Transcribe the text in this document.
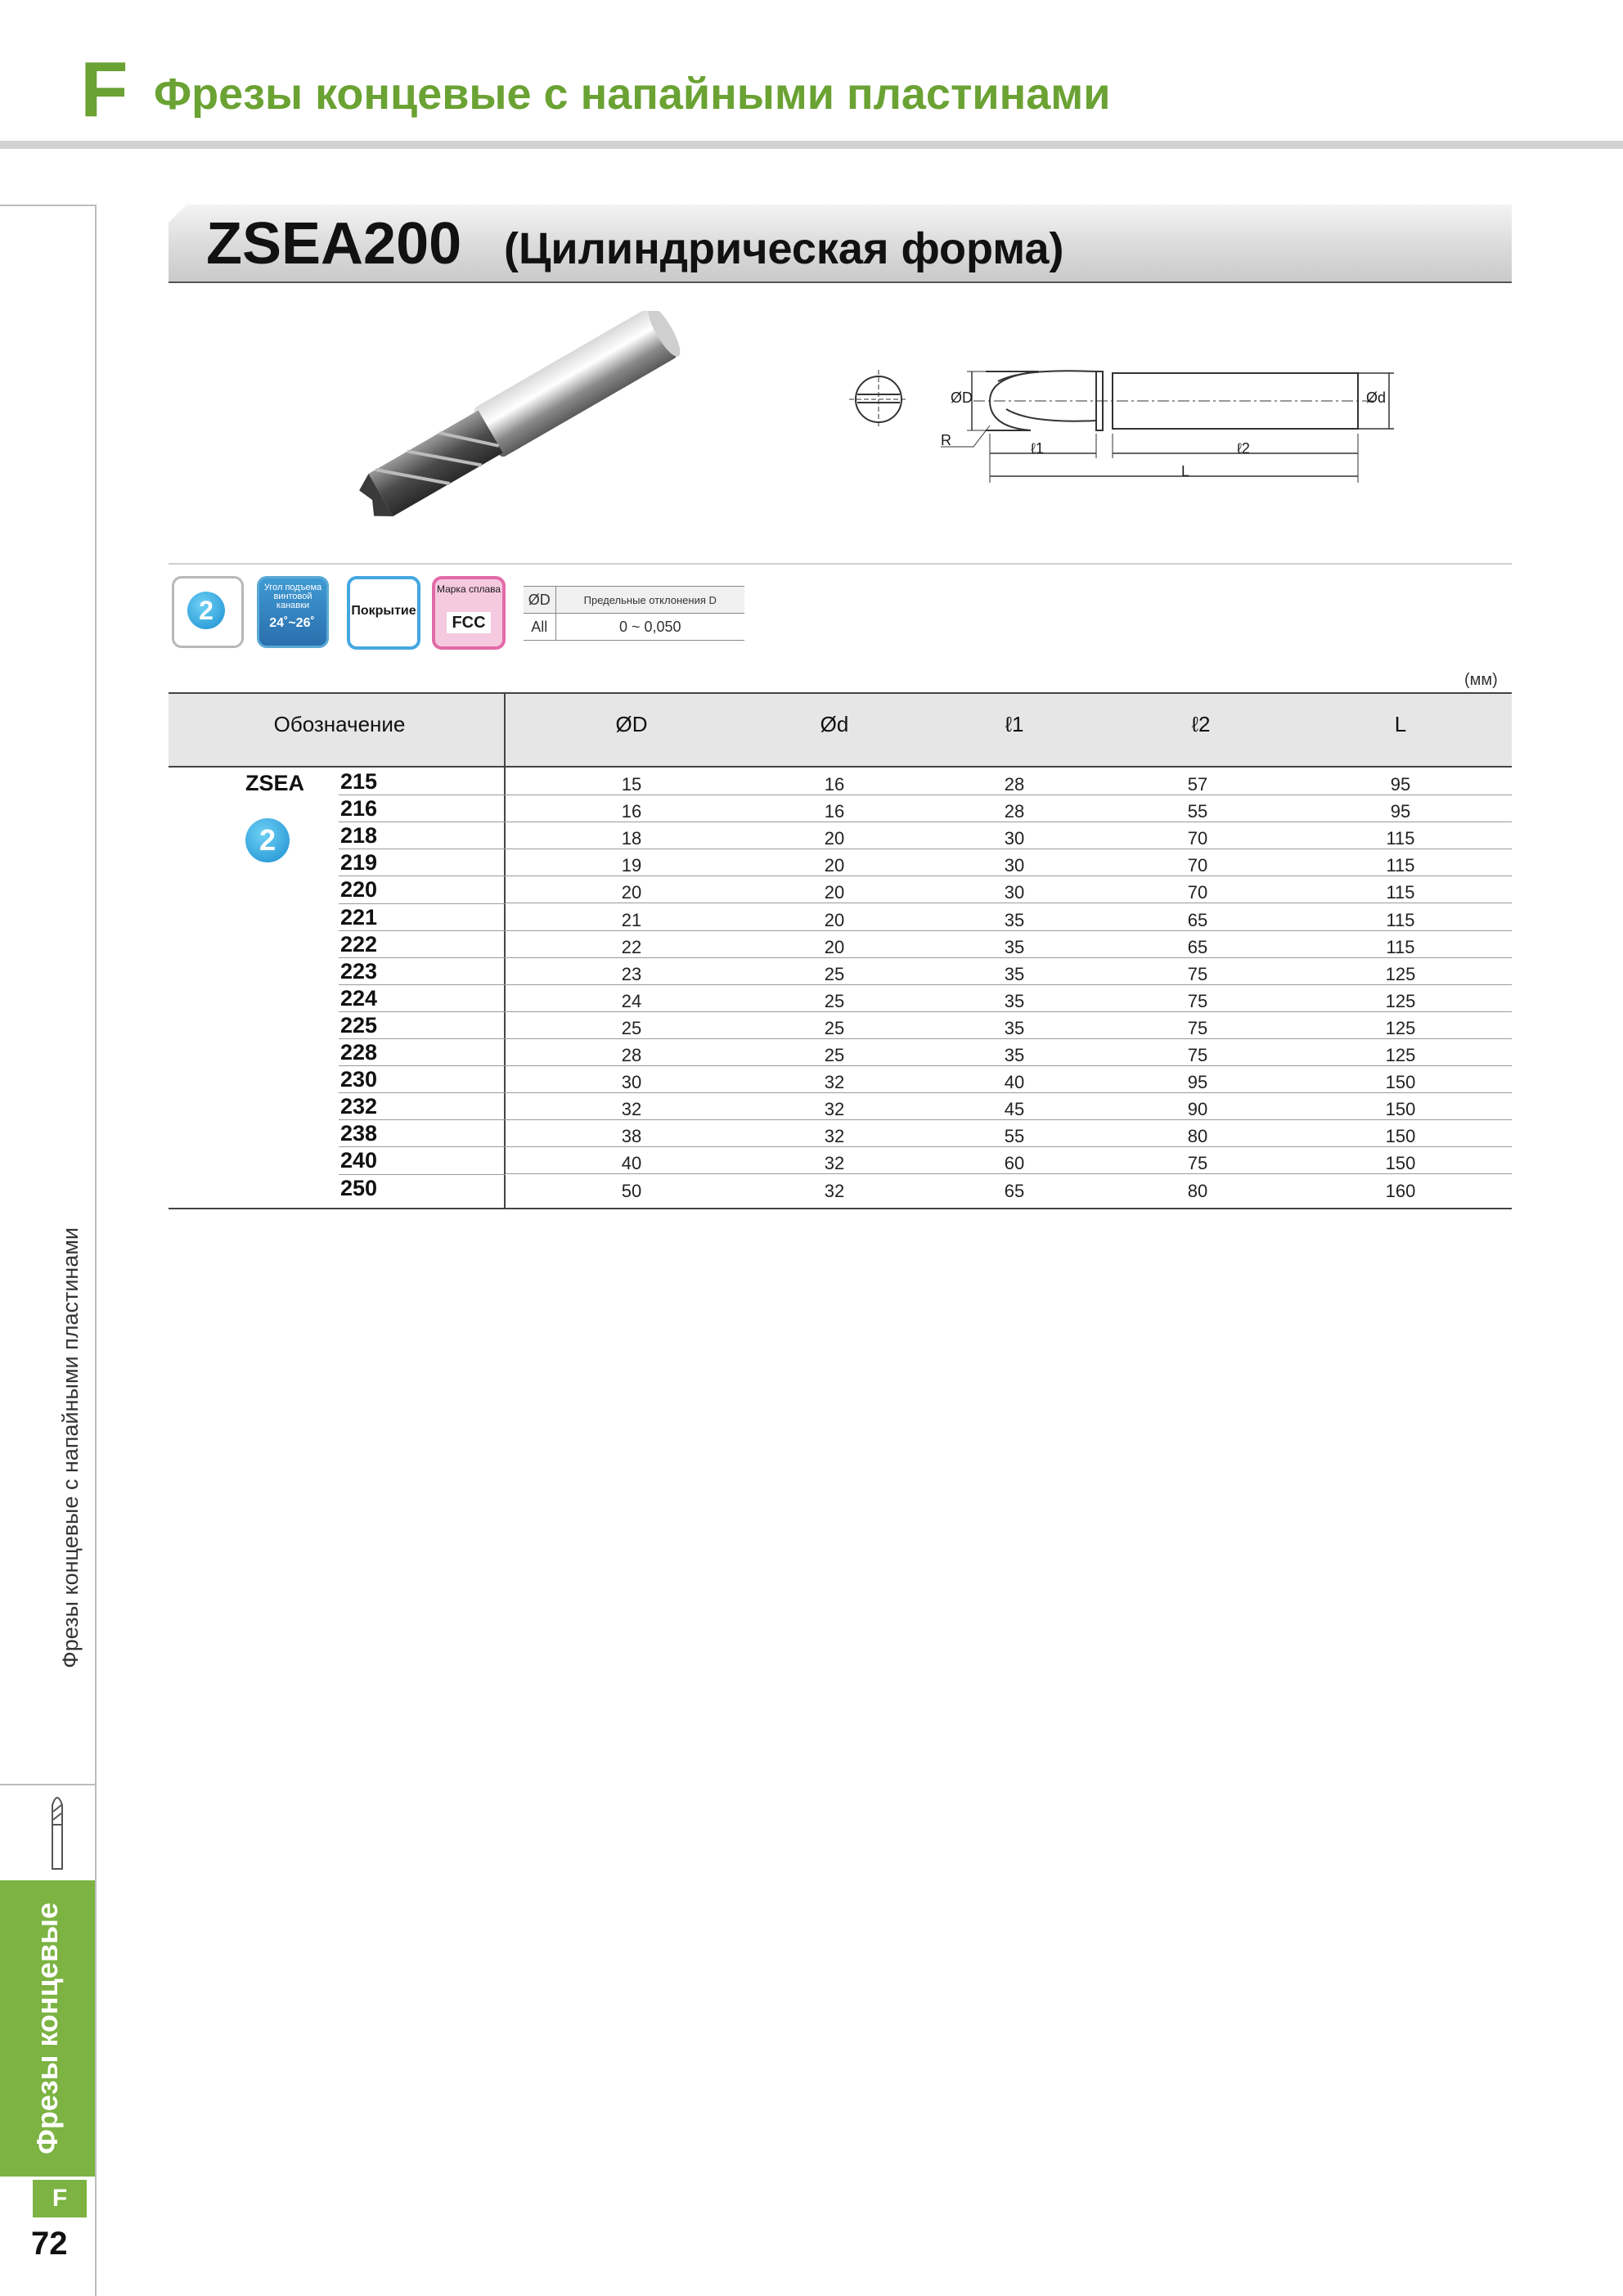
F Фрезы концевые с напайными пластинами
Фрезы концевые с напайными пластинами
Фрезы концевые
F
72
ZSEA200 (Цилиндрическая форма)
ØD	Ød
R	ℓ1	ℓ2
L
2
Угол подъема винтовой канавки
24˚~26˚
Покрытие
Марка сплава
FCC
ØD	Предельные отклонения D
All	0 ~ 0,050
(мм)
Обозначение	ØD	Ød	ℓ1	ℓ2	L
ZSEA
2
215	15	16	28	57	95
216	16	16	28	55	95
218	18	20	30	70	115
219	19	20	30	70	115
220	20	20	30	70	115
221	21	20	35	65	115
222	22	20	35	65	115
223	23	25	35	75	125
224	24	25	35	75	125
225	25	25	35	75	125
228	28	25	35	75	125
230	30	32	40	95	150
232	32	32	45	90	150
238	38	32	55	80	150
240	40	32	60	75	150
250	50	32	65	80	160
